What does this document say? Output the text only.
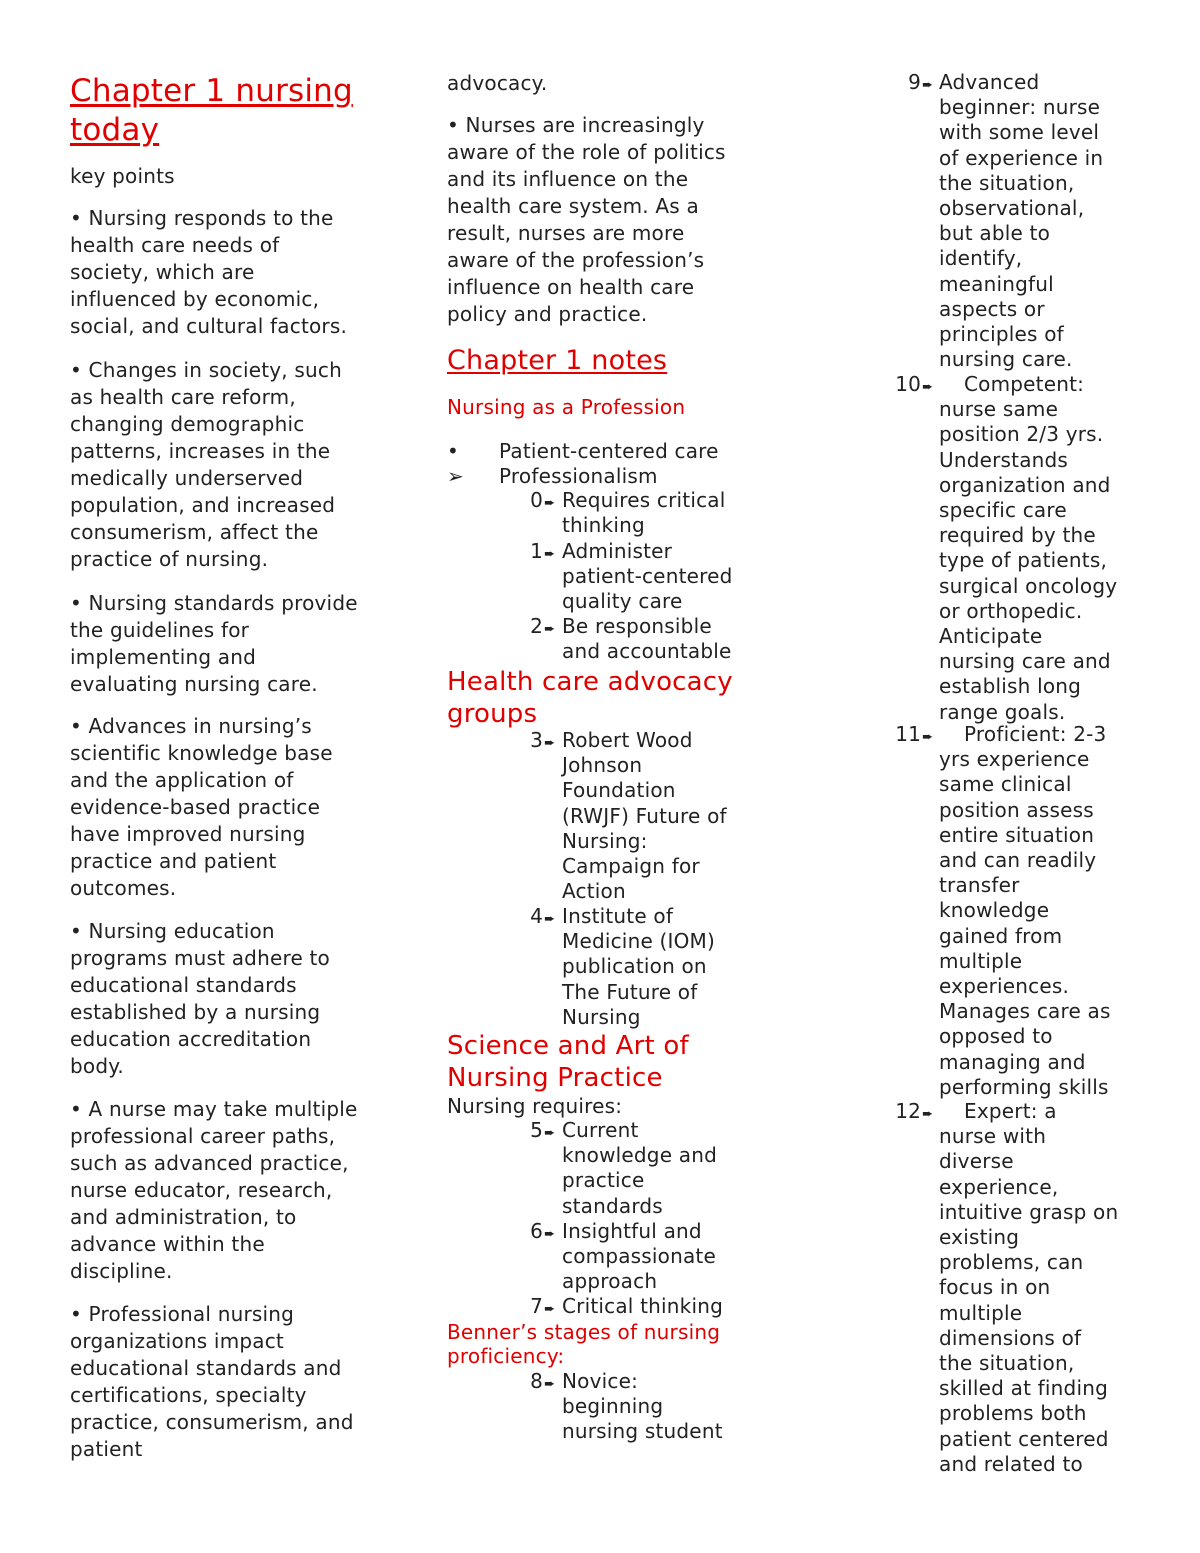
Chapter 1 nursing
today

key points

• Nursing responds to the
health care needs of
society, which are
influenced by economic,
social, and cultural factors.

• Changes in society, such
as health care reform,
changing demographic
patterns, increases in the
medically underserved
population, and increased
consumerism, affect the
practice of nursing.

• Nursing standards provide
the guidelines for
implementing and
evaluating nursing care.

• Advances in nursing’s
scientific knowledge base
and the application of
evidence-based practice
have improved nursing
practice and patient
outcomes.

• Nursing education
programs must adhere to
educational standards
established by a nursing
education accreditation
body.

• A nurse may take multiple
professional career paths,
such as advanced practice,
nurse educator, research,
and administration, to
advance within the
discipline.

• Professional nursing
organizations impact
educational standards and
certifications, specialty
practice, consumerism, and
patient

advocacy.

• Nurses are increasingly
aware of the role of politics
and its influence on the
health care system. As a
result, nurses are more
aware of the profession’s
influence on health care
policy and practice.

Chapter 1 notes
Nursing as a Profession
•	Patient-centered care
➢	Professionalism
0➨ Requires critical
thinking
1➨ Administer
patient-centered
quality care
2➨ Be responsible
and accountable
Health care advocacy
groups
3➨ Robert Wood
Johnson
Foundation
(RWJF) Future of
Nursing:
Campaign for
Action
4➨ Institute of
Medicine (IOM)
publication on
The Future of
Nursing
Science and Art of
Nursing Practice

Nursing requires:

5➨ Current
knowledge and
practice
standards
6➨ Insightful and
compassionate
approach
7➨ Critical thinking
Benner’s stages of nursing
proficiency:
8➨ Novice:
beginning
nursing student
9➨ Advanced
beginner: nurse
with some level
of experience in
the situation,
observational,
but able to
identify,
meaningful
aspects or
principles of
nursing care.
10➨	Competent:
nurse same
position 2/3 yrs.
Understands
organization and
specific care
required by the
type of patients,
surgical oncology
or orthopedic.
Anticipate
nursing care and
establish long
range goals.
11➨	Proficient: 2-3
yrs experience
same clinical
position assess
entire situation
and can readily
transfer
knowledge
gained from
multiple
experiences.
Manages care as
opposed to
managing and
performing skills
12➨	Expert: a
nurse with
diverse
experience,
intuitive grasp on
existing
problems, can
focus in on
multiple
dimensions of
the situation,
skilled at finding
problems both
patient centered
and related to
